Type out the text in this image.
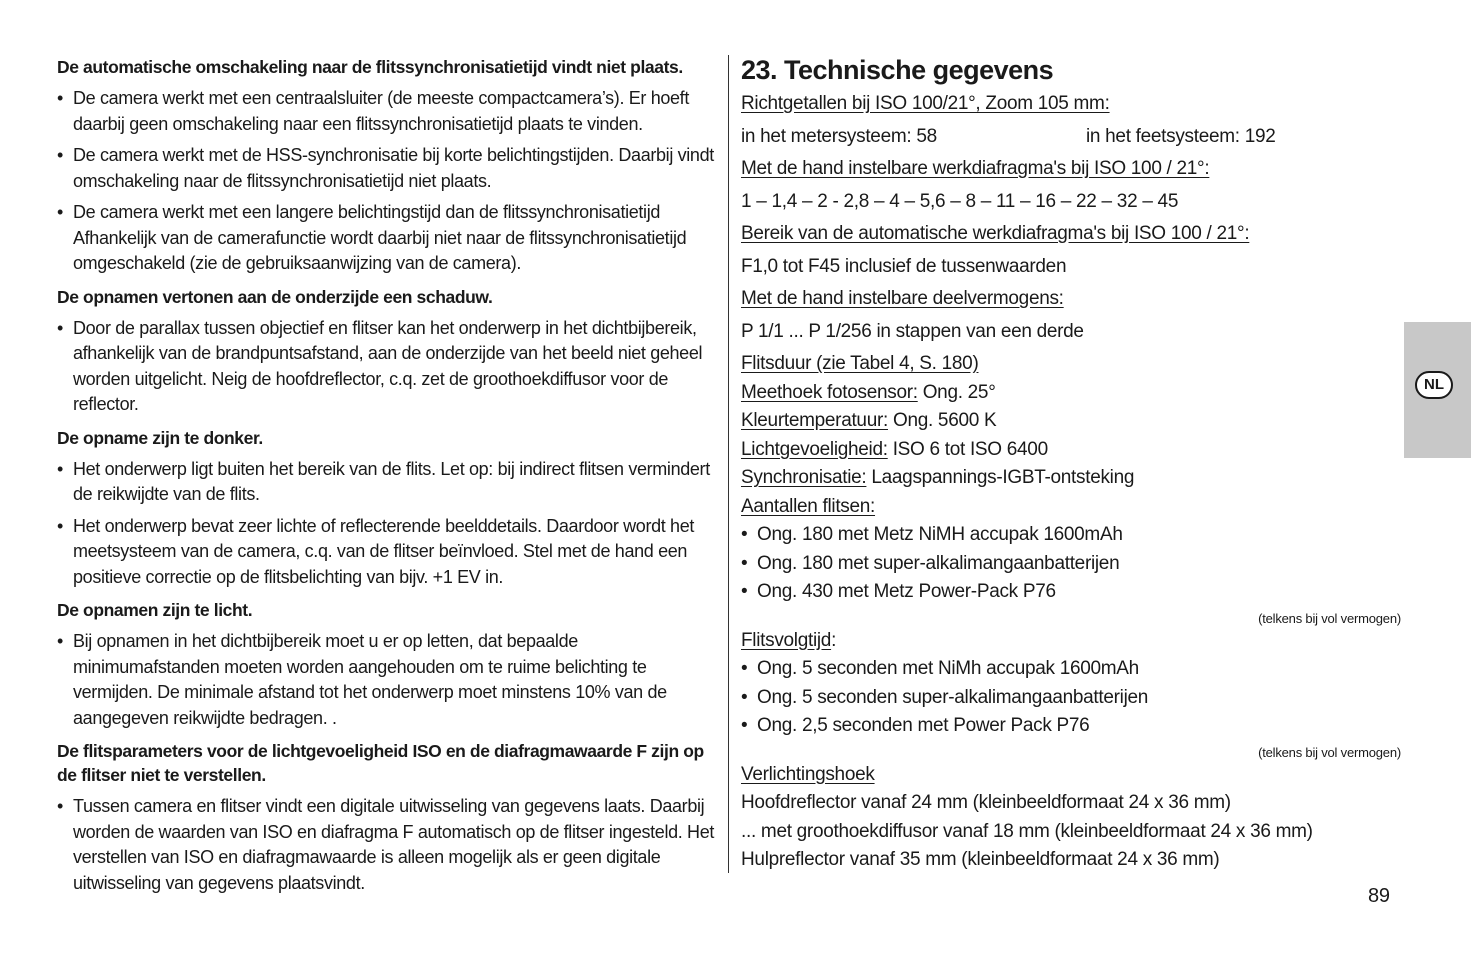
De automatische omschakeling naar de flitssynchronisatietijd vindt niet plaats.
• De camera werkt met een centraalsluiter (de meeste compactcamera’s). Er hoeft daarbij geen omschakeling naar een flitssynchronisatietijd plaats te vinden.
• De camera werkt met de HSS-synchronisatie bij korte belichtingstijden. Daarbij vindt omschakeling naar de flitssynchronisatietijd niet plaats.
• De camera werkt met een langere belichtingstijd dan de flitssynchronisatietijd Afhankelijk van de camerafunctie wordt daarbij niet naar de flitssynchronisatietijd omgeschakeld (zie de gebruiksaanwijzing van de camera).
De opnamen vertonen aan de onderzijde een schaduw.
• Door de parallax tussen objectief en flitser kan het onderwerp in het dichtbijbereik, afhankelijk van de brandpuntsafstand, aan de onderzijde van het beeld niet geheel worden uitgelicht. Neig de hoofdreflector, c.q. zet de groothoekdiffusor voor de reflector.
De opname zijn te donker.
• Het onderwerp ligt buiten het bereik van de flits. Let op: bij indirect flitsen vermindert de reikwijdte van de flits.
• Het onderwerp bevat zeer lichte of reflecterende beelddetails. Daardoor wordt het meetsysteem van de camera, c.q. van de flitser beïnvloed. Stel met de hand een positieve correctie op de flitsbelichting van bijv. +1 EV in.
De opnamen zijn te licht.
• Bij opnamen in het dichtbijbereik moet u er op letten, dat bepaalde minimumafstanden moeten worden aangehouden om te ruime belichting te vermijden. De minimale afstand tot het onderwerp moet minstens 10% van de aangegeven reikwijdte bedragen. .
De flitsparameters voor de lichtgevoeligheid ISO en de diafragmawaarde F zijn op de flitser niet te verstellen.
• Tussen camera en flitser vindt een digitale uitwisseling van gegevens laats. Daarbij worden de waarden van ISO en diafragma F automatisch op de flitser ingesteld. Het verstellen van ISO en diafragmawaarde is alleen mogelijk als er geen digitale uitwisseling van gegevens plaatsvindt.
23. Technische gegevens
Richtgetallen bij ISO 100/21°, Zoom 105 mm:
in het metersysteem: 58	in het feetsysteem: 192
Met de hand instelbare werkdiafragma's bij ISO 100 / 21°:
1 – 1,4 – 2 - 2,8 – 4 – 5,6 – 8 – 11 – 16 – 22 – 32 – 45
Bereik van de automatische werkdiafragma's bij ISO 100 / 21°:
F1,0 tot F45 inclusief de tussenwaarden
Met de hand instelbare deelvermogens:
P 1/1 ... P 1/256 in stappen van een derde
Flitsduur (zie Tabel 4, S. 180)
Meethoek fotosensor: Ong. 25°
Kleurtemperatuur: Ong. 5600 K
Lichtgevoeligheid: ISO 6 tot ISO 6400
Synchronisatie: Laagspannings-IGBT-ontsteking
Aantallen flitsen:
• Ong. 180 met Metz NiMH accupak 1600mAh
• Ong. 180 met super-alkalimangaanbatterijen
• Ong. 430 met Metz Power-Pack P76
(telkens bij vol vermogen)
Flitsvolgtijd:
• Ong. 5 seconden met NiMh accupak 1600mAh
• Ong. 5 seconden super-alkalimangaanbatterijen
• Ong. 2,5 seconden met Power Pack P76
(telkens bij vol vermogen)
Verlichtingshoek
Hoofdreflector vanaf 24 mm (kleinbeeldformaat 24 x 36 mm)
... met groothoekdiffusor vanaf 18 mm (kleinbeeldformaat 24 x 36 mm)
Hulpreflector vanaf 35 mm (kleinbeeldformaat 24 x 36 mm)
NL
89
